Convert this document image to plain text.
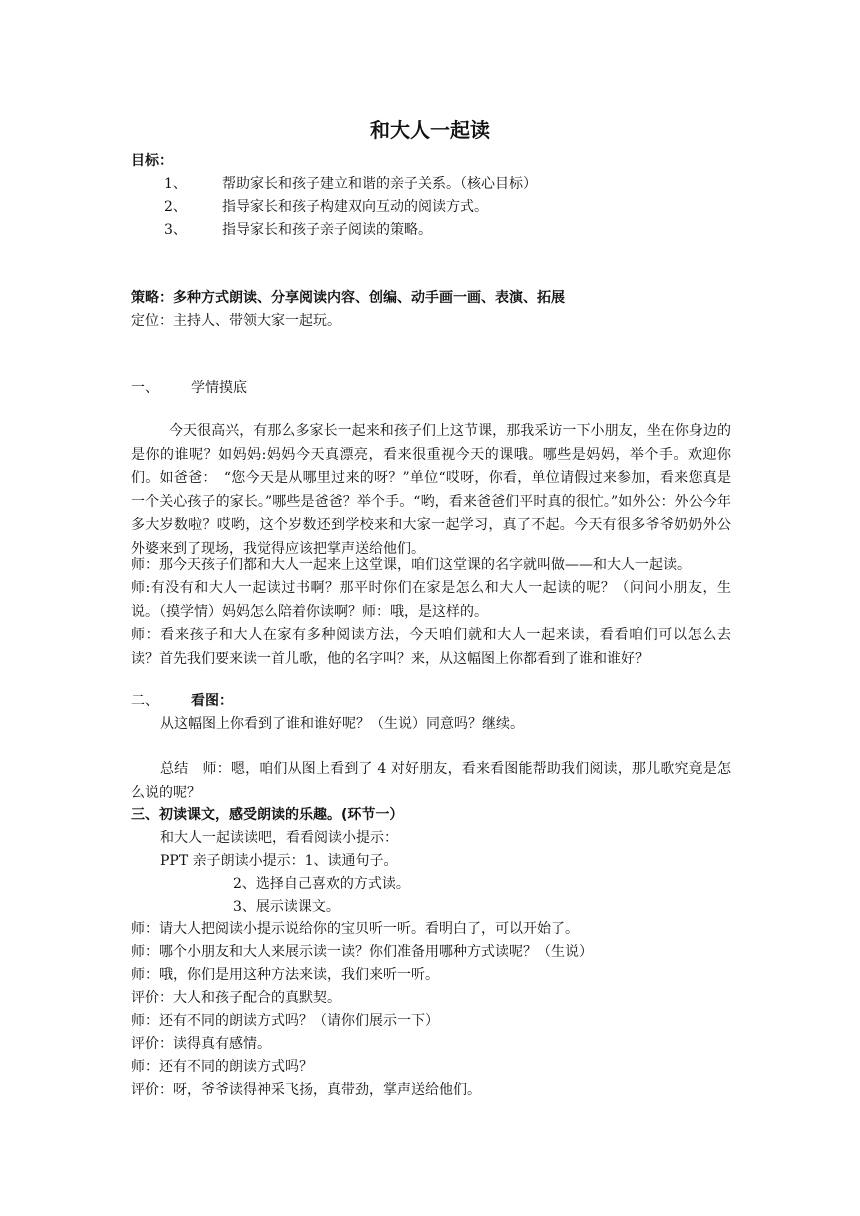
和大人一起读
目标：
1、	帮助家长和孩子建立和谐的亲子关系。（核心目标）
2、	指导家长和孩子构建双向互动的阅读方式。
3、	指导家长和孩子亲子阅读的策略。
策略：多种方式朗读、分享阅读内容、创编、动手画一画、表演、拓展
定位：主持人、带领大家一起玩。
一、 学情摸底
今天很高兴，有那么多家长一起来和孩子们上这节课，那我采访一下小朋友，坐在你身边的是你的谁呢？如妈妈:妈妈今天真漂亮，看来很重视今天的课哦。哪些是妈妈，举个手。欢迎你们。如爸爸：　“您今天是从哪里过来的呀？”单位“哎呀，你看，单位请假过来参加，看来您真是一个关心孩子的家长。”哪些是爸爸？举个手。“哟，看来爸爸们平时真的很忙。”如外公：外公今年多大岁数啦？哎哟，这个岁数还到学校来和大家一起学习，真了不起。今天有很多爷爷奶奶外公外婆来到了现场，我觉得应该把掌声送给他们。
师：那今天孩子们都和大人一起来上这堂课，咱们这堂课的名字就叫做——和大人一起读。
师:有没有和大人一起读过书啊？那平时你们在家是怎么和大人一起读的呢？（问问小朋友，生说。（摸学情）妈妈怎么陪着你读啊？师：哦，是这样的。
师：看来孩子和大人在家有多种阅读方法，今天咱们就和大人一起来读，看看咱们可以怎么去读？首先我们要来读一首儿歌，他的名字叫？来，从这幅图上你都看到了谁和谁好？
二、 看图：
从这幅图上你看到了谁和谁好呢？（生说）同意吗？继续。
总结　师：嗯，咱们从图上看到了 4 对好朋友，看来看图能帮助我们阅读，那儿歌究竟是怎么说的呢？
三、初读课文，感受朗读的乐趣。(环节一）
和大人一起读读吧，看看阅读小提示：
PPT 亲子朗读小提示：1、读通句子。
2、选择自己喜欢的方式读。
3、展示读课文。
师：请大人把阅读小提示说给你的宝贝听一听。看明白了，可以开始了。
师：哪个小朋友和大人来展示读一读？你们准备用哪种方式读呢？（生说）
师：哦，你们是用这种方法来读，我们来听一听。
评价：大人和孩子配合的真默契。
师：还有不同的朗读方式吗？（请你们展示一下）
评价：读得真有感情。
师：还有不同的朗读方式吗？
评价：呀，爷爷读得神采飞扬，真带劲，掌声送给他们。
